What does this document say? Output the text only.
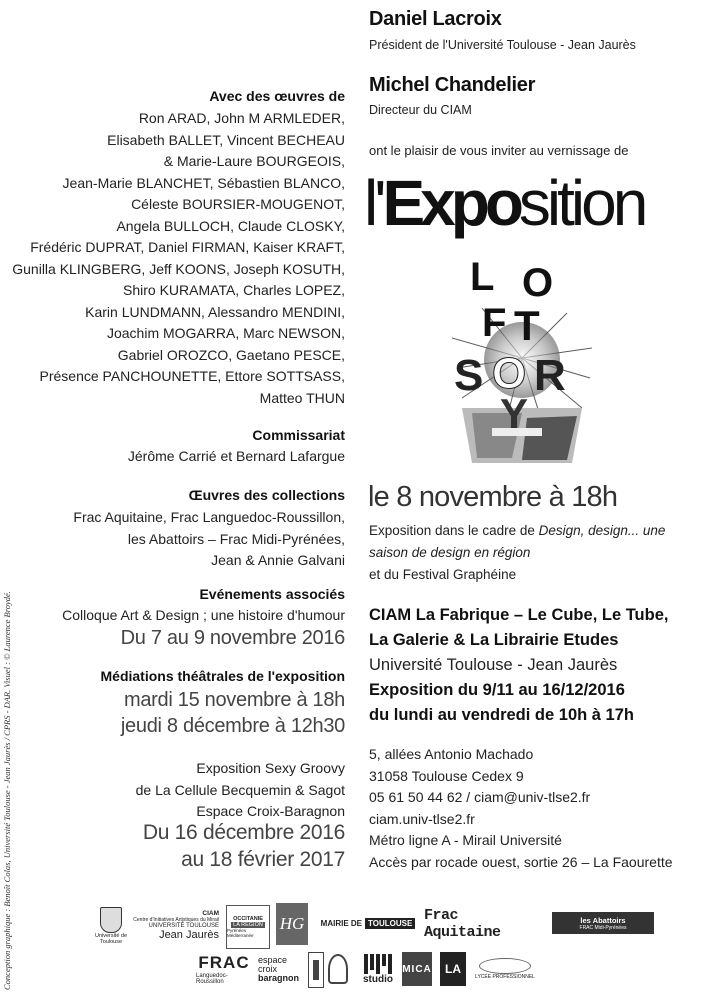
Conception graphique : Benoît Colas, Université Toulouse - Jean Jaurès / CPRS - DAR. Visuel : © Laurence Broydé.
Daniel Lacroix
Président de l'Université Toulouse - Jean Jaurès
Michel Chandelier
Directeur du CIAM
ont le plaisir de vous inviter au vernissage de
l'Exposition
L O
F T
S O R
Y
Avec des œuvres de
Ron ARAD, John M ARMLEDER,
Elisabeth BALLET, Vincent BECHEAU
& Marie-Laure BOURGEOIS,
Jean-Marie BLANCHET, Sébastien BLANCO,
Céleste BOURSIER-MOUGENOT,
Angela BULLOCH, Claude CLOSKY,
Frédéric DUPRAT, Daniel FIRMAN, Kaiser KRAFT,
Gunilla KLINGBERG, Jeff KOONS, Joseph KOSUTH,
Shiro KURAMATA, Charles LOPEZ,
Karin LUNDMANN, Alessandro MENDINI,
Joachim MOGARRA, Marc NEWSON,
Gabriel OROZCO, Gaetano PESCE,
Présence PANCHOUNETTE, Ettore SOTTSASS,
Matteo THUN
Commissariat
Jérôme Carrié et Bernard Lafargue
Œuvres des collections
Frac Aquitaine, Frac Languedoc-Roussillon,
les Abattoirs – Frac Midi-Pyrénées,
Jean & Annie Galvani
Evénements associés
Colloque Art & Design ; une histoire d'humour
Du 7 au 9 novembre 2016
Médiations théâtrales de l'exposition
mardi 15 novembre à 18h
jeudi 8 décembre à 12h30
Exposition Sexy Groovy
de La Cellule Becquemin & Sagot
Espace Croix-Baragnon
Du 16 décembre 2016
au 18 février 2017
le 8 novembre à 18h
Exposition dans le cadre de Design, design... une
saison de design en région
et du Festival Graphéine
CIAM La Fabrique – Le Cube, Le Tube,
La Galerie & La Librairie Etudes
Université Toulouse - Jean Jaurès
Exposition du 9/11 au 16/12/2016
du lundi au vendredi de 10h à 17h
5, allées Antonio Machado
31058 Toulouse Cedex 9
05 61 50 44 62 / ciam@univ-tlse2.fr
ciam.univ-tlse2.fr
Métro ligne A - Mirail Université
Accès par rocade ouest, sortie 26 – La Faourette
Université de Toulouse
CIAM
Centre d'Initiatives Artistiques du Mirail
UNIVERSITÉ TOULOUSE
Jean Jaurès
OCCITANIE
LA RÉGION
Pyrénées Méditerranée
HG	MAIRIE DE TOULOUSE Frac Aquitaine
les Abattoirs
FRAC Midi-Pyrénées
FRAC
Languedoc-Roussillon
espace
croix
baragnon	studio
MICA	LA
LYCÉE PROFESSIONNEL
